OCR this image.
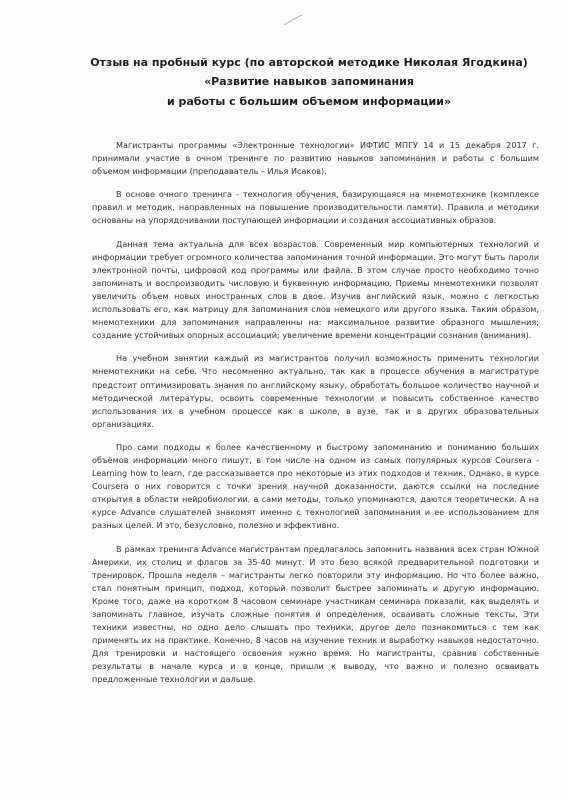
Отзыв на пробный курс (по авторской методике Николая Ягодкина)
«Развитие навыков запоминания
и работы с большим объемом информации»

Магистранты программы «Электронные технологии» ИФТИС МПГУ 14 и 15 декабря 2017 г. принимали участие в очном тренинге по развитию навыков запоминания и работы с большим объемом информации (преподаватель – Илья Исаков).

В основе очного тренинга - технология обучения, базирующаяся на мнемотехнике (комплексе правил и методик, направленных на повышение производительности памяти). Правила и методики основаны на упорядочивании поступающей информации и создания ассоциативных образов.

Данная тема актуальна для всех возрастов. Современный мир компьютерных технологий и информации требует огромного количества запоминания точной информации. Это могут быть пароли электронной почты, цифровой код программы или файла. В этом случае просто необходимо точно запоминать и воспроизводить числовую и буквенную информацию. Приемы мнемотехники позволят увеличить объем новых иностранных слов в двое. Изучив английский язык, можно с легкостью использовать его, как матрицу для запоминания слов немецкого или другого языка. Таким образом, мнемотехники для запоминания направленны на: максимальное развитие образного мышления; создание устойчивых опорных ассоциаций; увеличение времени концентрации сознания (внимания).

На учебном занятии каждый из магистрантов получил возможность применить технологии мнемотехники на себе. Что несомненно актуально, так как в процессе обучения в магистратуре предстоит оптимизировать знания по английскому языку, обработать большое количество научной и методической литературы, освоить современные технологии и повысить собственное качество использования их в учебном процессе как в школе, в вузе, так и в других образовательных организациях.

Про сами подходы к более качественному и быстрому запоминанию и пониманию больших объёмов информации много пишут, в том числе на одном из самых популярных курсов Coursera - Learning how to learn, где рассказывается про некоторые из этих подходов и техник. Однако, в курсе Coursera о них говорится с точки зрения научной доказанности, даются ссылки на последние открытия в области нейробиологии, а сами методы, только упоминаются, даются теоретически. А на курсе Advance слушателей знакомят именно с технологией запоминания и ее использованием для разных целей. И это, безусловно, полезно и эффективно.

В рамках тренинга Advance магистрантам предлагалось запомнить названия всех стран Южной Америки, их столиц и флагов за 35-40 минут. И это безо всякой предварительной подготовки и тренировок. Прошла неделя – магистранты легко повторили эту информацию. Но что более важно, стал понятным принцип, подход, который позволит быстрее запоминать и другую информацию. Кроме того, даже на коротком 8 часовом семинаре участникам семинара показали, как выделять и запоминать главное, изучать сложные понятия и определения, осваивать сложные тексты. Эти техники известны, но одно дело слышать про техники, другое дело познакомиться с тем как применять их на практике. Конечно, 8 часов на изучение техник и выработку навыков недостаточно. Для тренировки и настоящего освоения нужно время. Но магистранты, сравнив собственные результаты в начале курса и в конце, пришли к выводу, что важно и полезно осваивать предложенные технологии и дальше.
